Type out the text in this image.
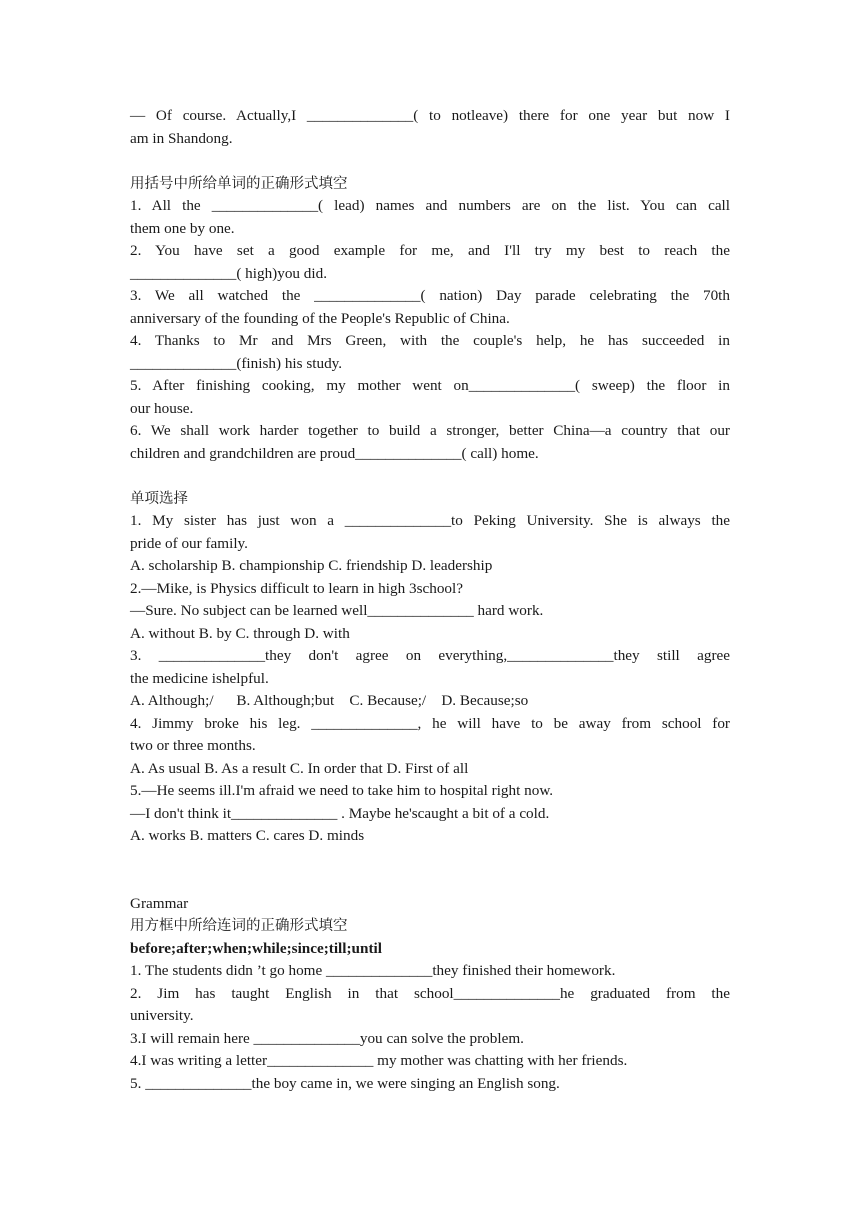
— Of course. Actually,I ______________( to notleave) there for one year but now I
am in Shandong.
用括号中所给单词的正确形式填空
1. All the ______________( lead) names and numbers are on the list. You can call
them one by one.
2. You have set a good example for me, and I'll try my best to reach the
______________( high)you did.
3. We all watched the ______________( nation) Day parade celebrating the 70th
anniversary of the founding of the People's Republic of China.
4. Thanks to Mr and Mrs Green, with the couple's help, he has succeeded in
______________(finish) his study.
5. After finishing cooking, my mother went on______________( sweep) the floor in
our house.
6. We shall work harder together to build a stronger, better China—a country that our
children and grandchildren are proud______________( call) home.
单项选择
1. My sister has just won a ______________to Peking University. She is always the
pride of our family.
A. scholarship B. championship C. friendship D. leadership
2.—Mike, is Physics difficult to learn in high 3school?
—Sure. No subject can be learned well______________ hard work.
A. without B. by C. through D. with
3. ______________they don't agree on everything,______________they still agree
the medicine ishelpful.
A. Although;/      B. Although;but    C. Because;/    D. Because;so
4. Jimmy broke his leg. ______________, he will have to be away from school for
two or three months.
A. As usual B. As a result C. In order that D. First of all
5.—He seems ill.I'm afraid we need to take him to hospital right now.
—I don't think it______________ . Maybe he'scaught a bit of a cold.
A. works B. matters C. cares D. minds
Grammar
用方框中所给连词的正确形式填空
before;after;when;while;since;till;until
1. The students didn ’t go home ______________they finished their homework.
2. Jim has taught English in that school______________he graduated from the
university.
3.I will remain here ______________you can solve the problem.
4.I was writing a letter______________ my mother was chatting with her friends.
5. ______________the boy came in, we were singing an English song.
